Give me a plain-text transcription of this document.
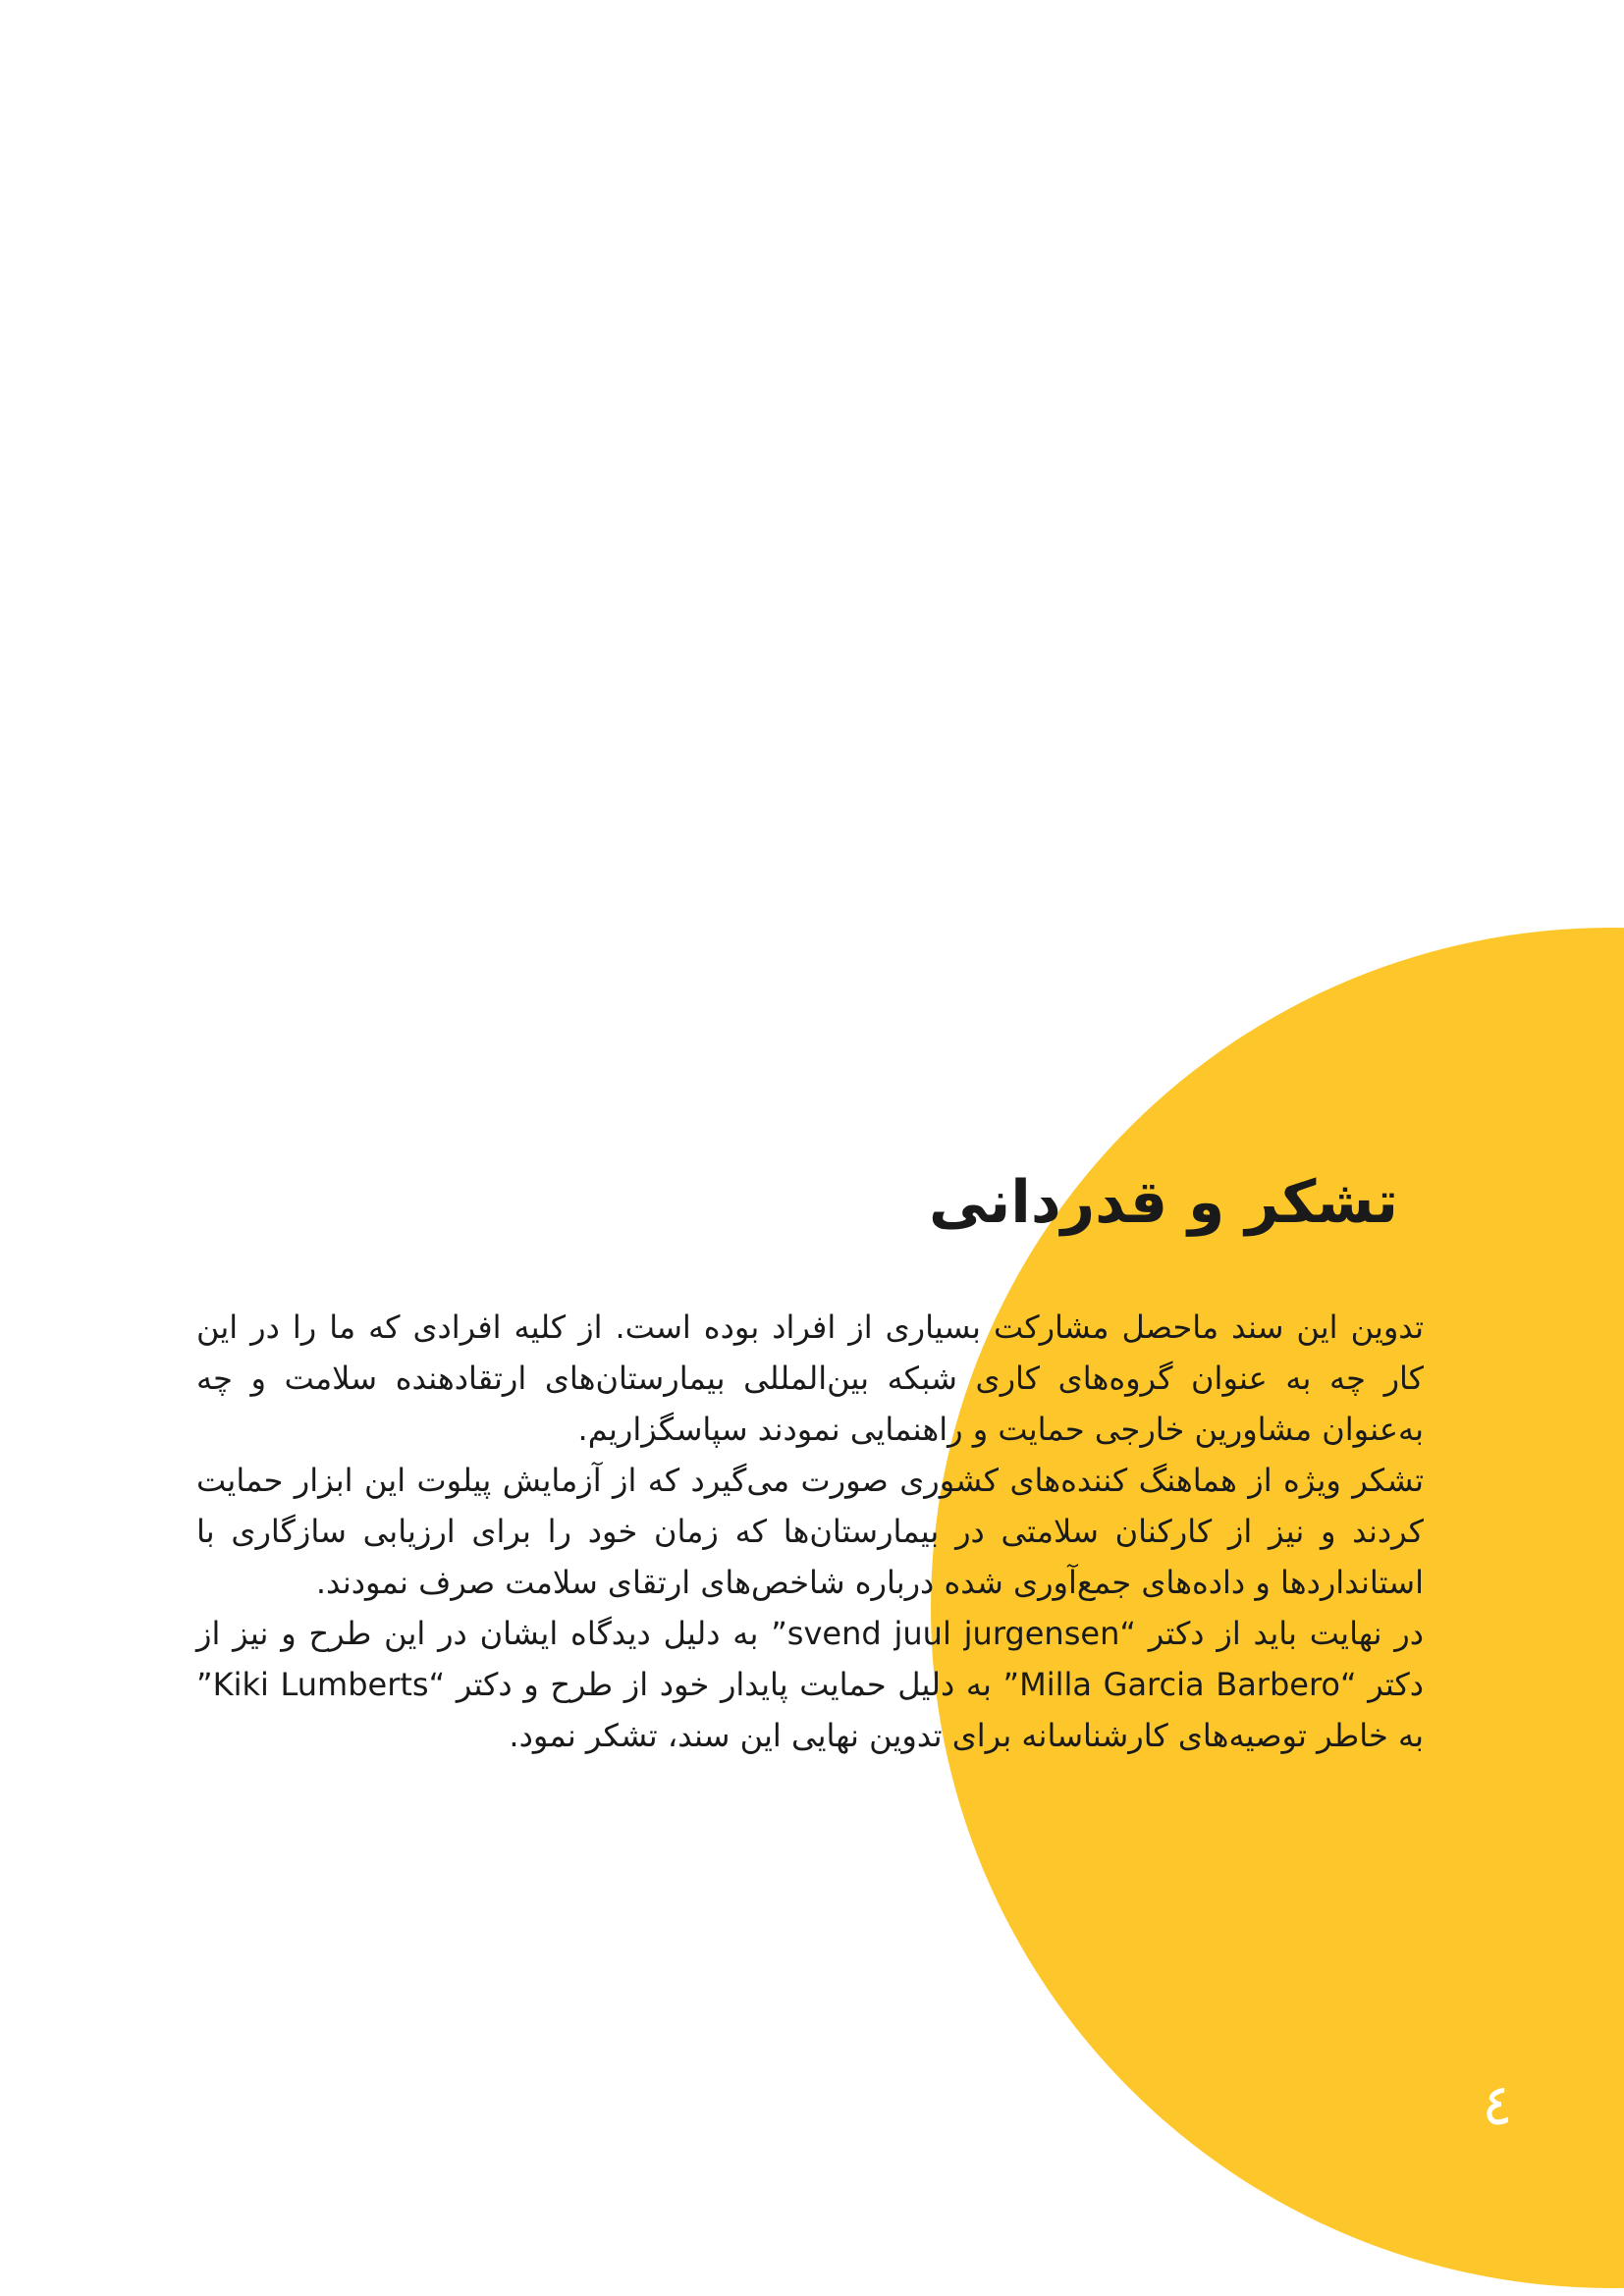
تشکر و قدردانی

تدوین این سند ماحصل مشارکت بسیاری از افراد بوده است. از کلیه افرادی که ما را در این کار چه به عنوان گروه‌های کاری شبکه بین‌المللی بیمارستان‌های ارتقادهنده سلامت و چه به‌عنوان مشاورین خارجی حمایت و راهنمایی نمودند سپاسگزاریم.

تشکر ویژه از هماهنگ کننده‌های کشوری صورت می‌گیرد که از آزمایش پیلوت این ابزار حمایت کردند و نیز از کارکنان سلامتی در بیمارستان‌ها که زمان خود را برای ارزیابی سازگاری با استانداردها و داده‌های جمع‌آوری شده درباره شاخص‌های ارتقای سلامت صرف نمودند.

در نهایت باید از دکتر “svend juul jurgensen” به دلیل دیدگاه ایشان در این طرح و نیز از دکتر “Milla Garcia Barbero” به دلیل حمایت پایدار خود از طرح و دکتر “Kiki Lumberts” به خاطر توصیه‌های کارشناسانه برای تدوین نهایی این سند، تشکر نمود.

٤
